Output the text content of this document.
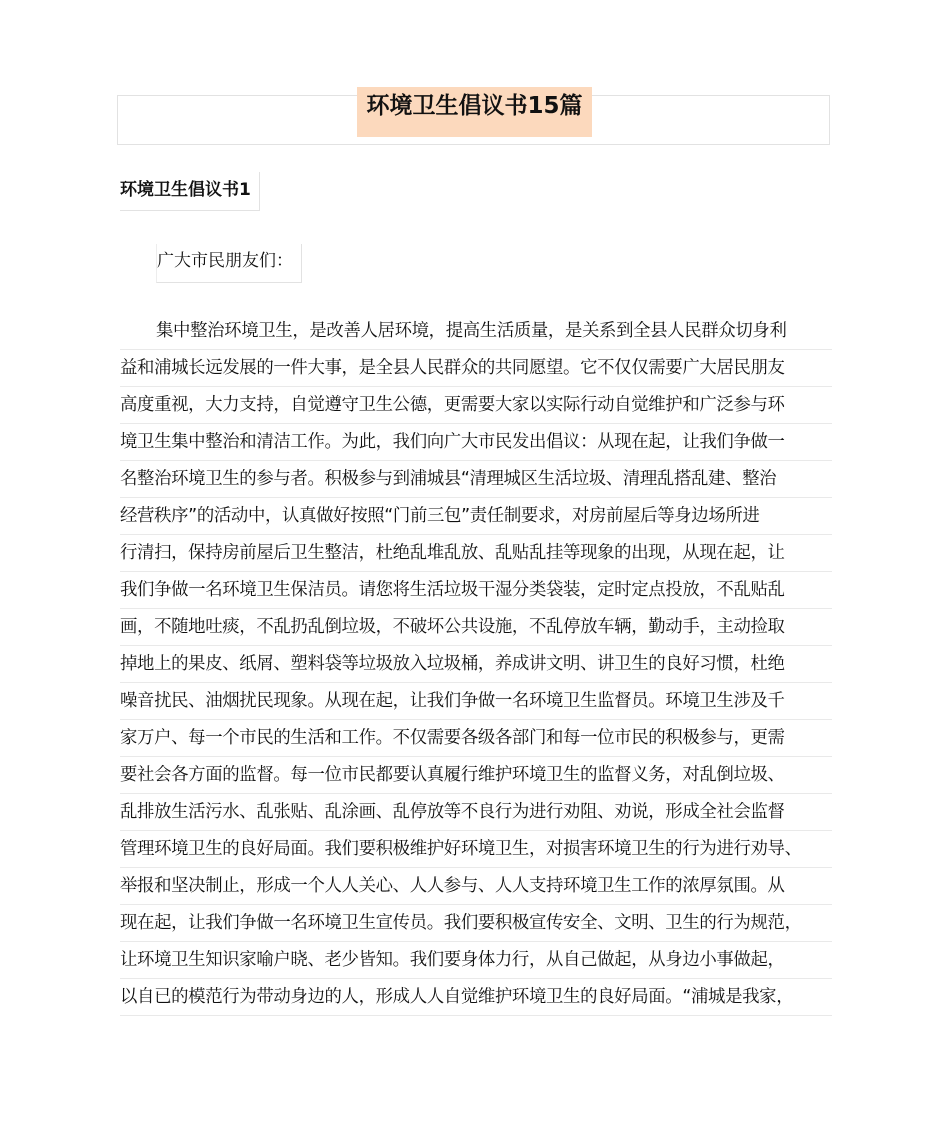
环境卫生倡议书15篇
环境卫生倡议书1
广大市民朋友们：
集中整治环境卫生，是改善人居环境，提高生活质量，是关系到全县人民群众切身利
益和浦城长远发展的一件大事，是全县人民群众的共同愿望。它不仅仅需要广大居民朋友
高度重视，大力支持，自觉遵守卫生公德，更需要大家以实际行动自觉维护和广泛参与环
境卫生集中整治和清洁工作。为此，我们向广大市民发出倡议：从现在起，让我们争做一
名整治环境卫生的参与者。积极参与到浦城县“清理城区生活垃圾、清理乱搭乱建、整治
经营秩序”的活动中，认真做好按照“门前三包”责任制要求，对房前屋后等身边场所进
行清扫，保持房前屋后卫生整洁，杜绝乱堆乱放、乱贴乱挂等现象的出现，从现在起，让
我们争做一名环境卫生保洁员。请您将生活垃圾干湿分类袋装，定时定点投放，不乱贴乱
画，不随地吐痰，不乱扔乱倒垃圾，不破坏公共设施，不乱停放车辆，勤动手，主动捡取
掉地上的果皮、纸屑、塑料袋等垃圾放入垃圾桶，养成讲文明、讲卫生的良好习惯，杜绝
噪音扰民、油烟扰民现象。从现在起，让我们争做一名环境卫生监督员。环境卫生涉及千
家万户、每一个市民的生活和工作。不仅需要各级各部门和每一位市民的积极参与，更需
要社会各方面的监督。每一位市民都要认真履行维护环境卫生的监督义务，对乱倒垃圾、
乱排放生活污水、乱张贴、乱涂画、乱停放等不良行为进行劝阻、劝说，形成全社会监督
管理环境卫生的良好局面。我们要积极维护好环境卫生，对损害环境卫生的行为进行劝导、
举报和坚决制止，形成一个人人关心、人人参与、人人支持环境卫生工作的浓厚氛围。从
现在起，让我们争做一名环境卫生宣传员。我们要积极宣传安全、文明、卫生的行为规范，
让环境卫生知识家喻户晓、老少皆知。我们要身体力行，从自己做起，从身边小事做起，
以自已的模范行为带动身边的人，形成人人自觉维护环境卫生的良好局面。“浦城是我家，
